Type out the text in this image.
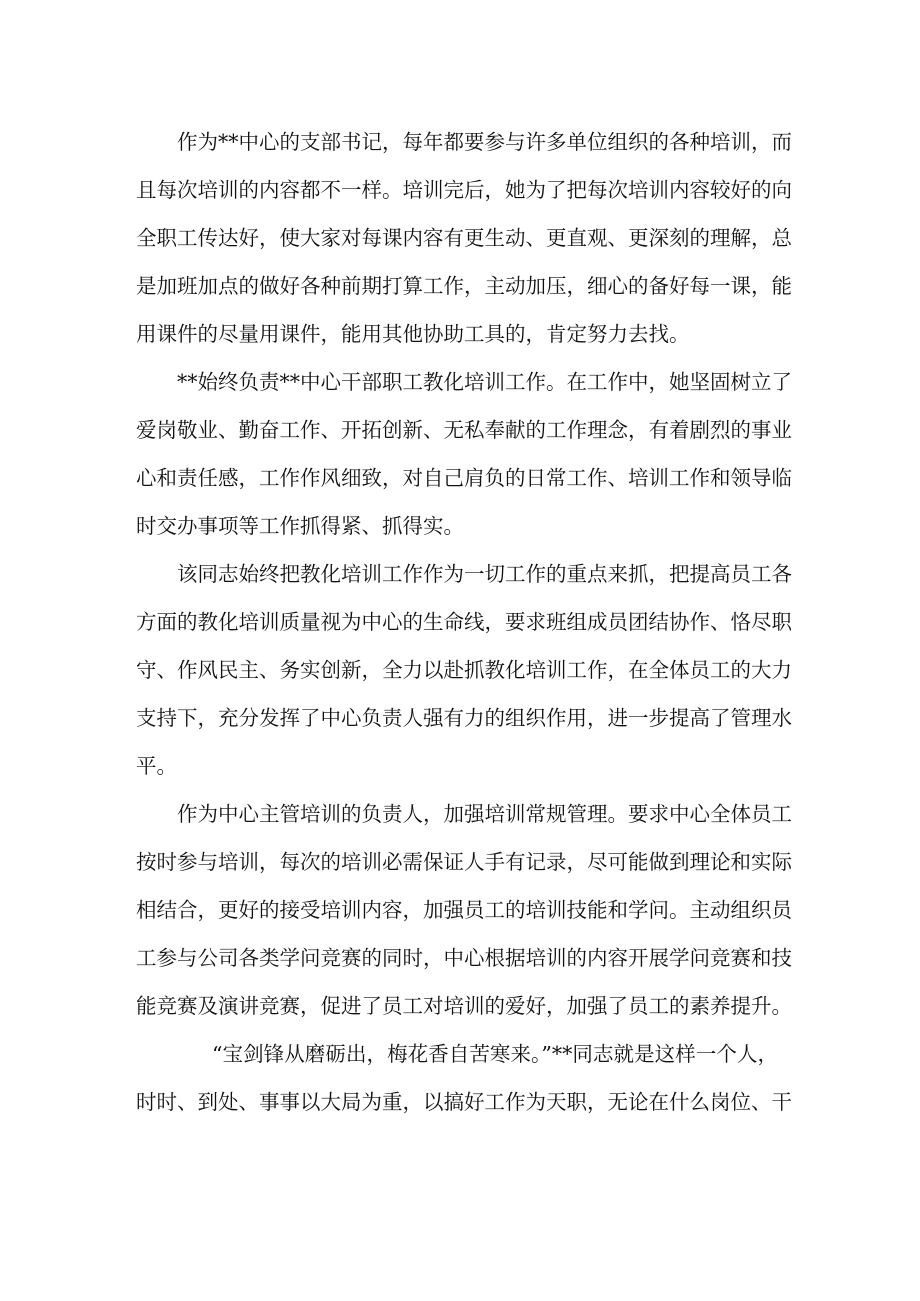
作为**中心的支部书记，每年都要参与许多单位组织的各种培训，而

且每次培训的内容都不一样。培训完后，她为了把每次培训内容较好的向

全职工传达好，使大家对每课内容有更生动、更直观、更深刻的理解，总

是加班加点的做好各种前期打算工作，主动加压，细心的备好每一课，能

用课件的尽量用课件，能用其他协助工具的，肯定努力去找。

**始终负责**中心干部职工教化培训工作。在工作中，她坚固树立了

爱岗敬业、勤奋工作、开拓创新、无私奉献的工作理念，有着剧烈的事业

心和责任感，工作作风细致，对自己肩负的日常工作、培训工作和领导临

时交办事项等工作抓得紧、抓得实。

该同志始终把教化培训工作作为一切工作的重点来抓，把提高员工各

方面的教化培训质量视为中心的生命线，要求班组成员团结协作、恪尽职

守、作风民主、务实创新，全力以赴抓教化培训工作，在全体员工的大力

支持下，充分发挥了中心负责人强有力的组织作用，进一步提高了管理水

平。

作为中心主管培训的负责人，加强培训常规管理。要求中心全体员工

按时参与培训，每次的培训必需保证人手有记录，尽可能做到理论和实际

相结合，更好的接受培训内容，加强员工的培训技能和学问。主动组织员

工参与公司各类学问竞赛的同时，中心根据培训的内容开展学问竞赛和技

能竞赛及演讲竞赛，促进了员工对培训的爱好，加强了员工的素养提升。

“宝剑锋从磨砺出，梅花香自苦寒来。”**同志就是这样一个人，

时时、到处、事事以大局为重，以搞好工作为天职，无论在什么岗位、干
